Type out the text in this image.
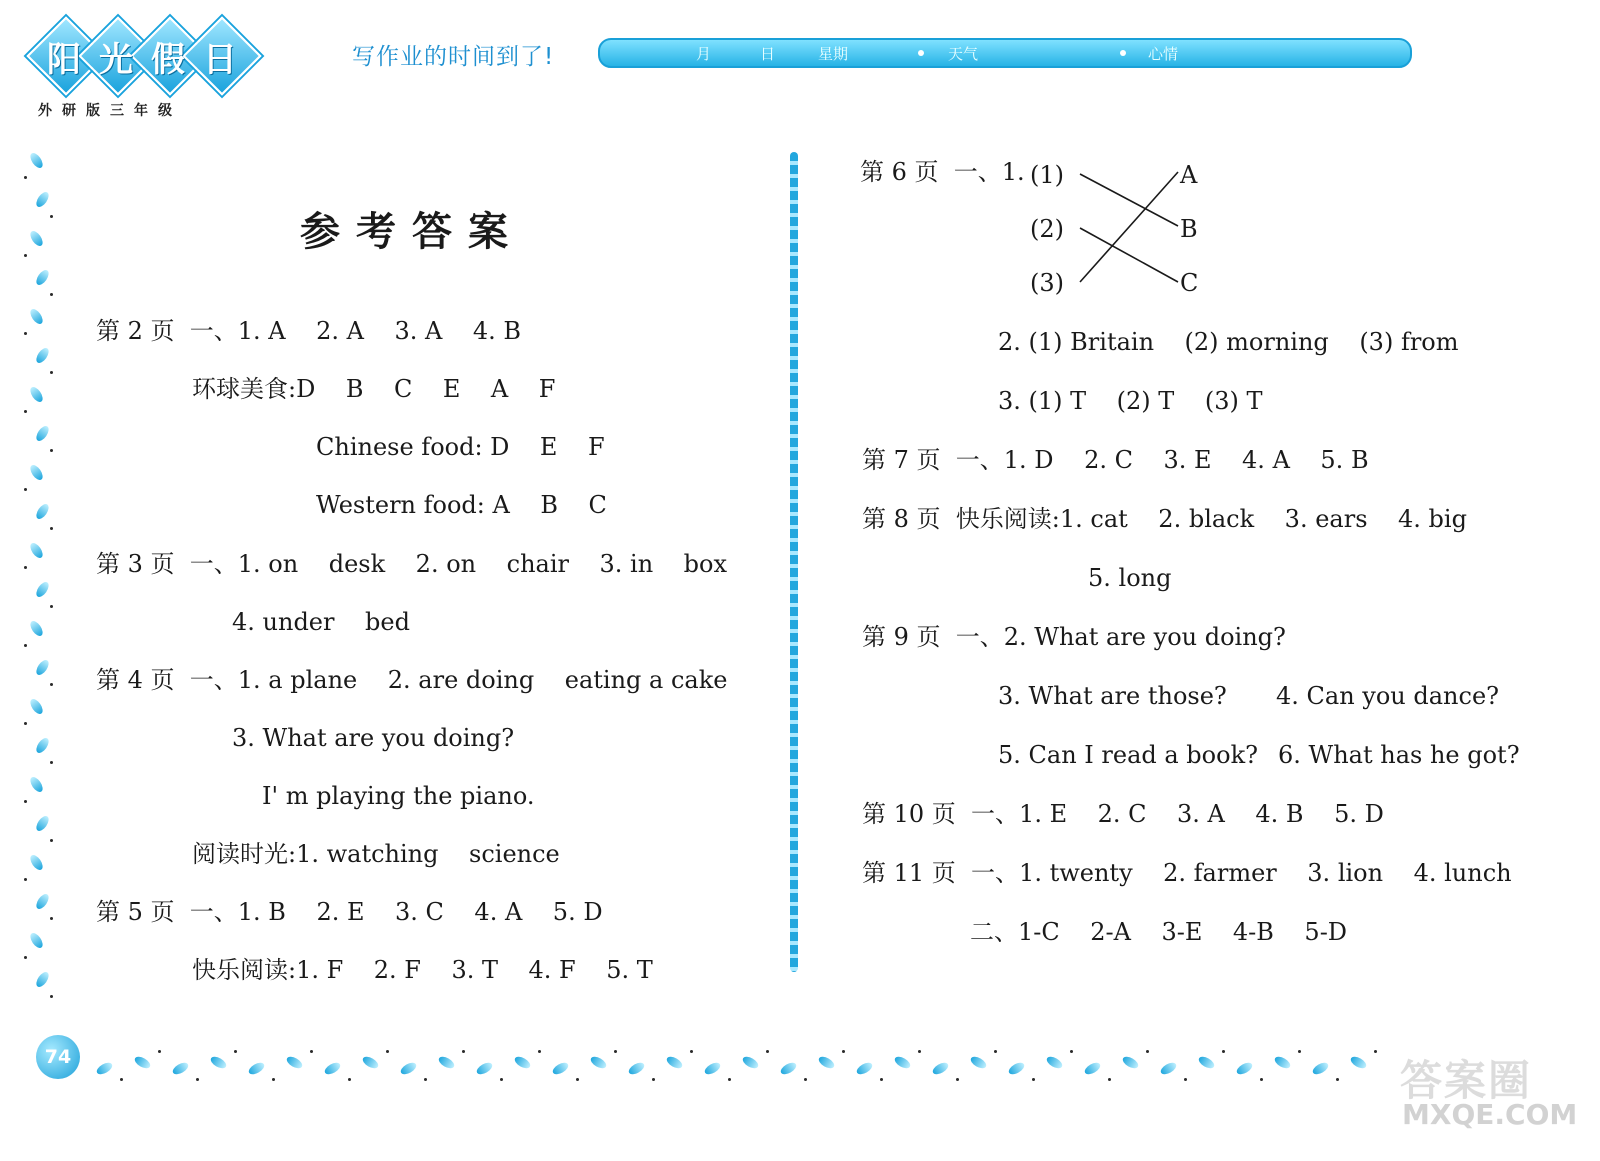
阳 光 假 日
外研版三年级
写作业的时间到了!	月	日	星期	天气	心情
74
参考答案
第 2 页  一、1. A    2. A    3. A    4. B
环球美食:D    B    C    E    A    F
Chinese food: D    E    F
Western food: A    B    C
第 3 页  一、1. on    desk    2. on    chair    3. in    box
4. under    bed
第 4 页  一、1. a plane    2. are doing    eating a cake
3. What are you doing?
I' m playing the piano.
阅读时光:1. watching    science
第 5 页  一、1. B    2. E    3. C    4. A    5. D
快乐阅读:1. F    2. F    3. T    4. F    5. T
第 6 页  一、1. (1)
(2)
(3)
A
B
C
2. (1) Britain    (2) morning    (3) from
3. (1) T    (2) T    (3) T
第 7 页  一、1. D    2. C    3. E    4. A    5. B
第 8 页  快乐阅读:1. cat    2. black    3. ears    4. big
5. long
第 9 页  一、2. What are you doing?
3. What are those? 4. Can you dance?
5. Can I read a book? 6. What has he got?
第 10 页  一、1. E    2. C    3. A    4. B    5. D
第 11 页  一、1. twenty    2. farmer    3. lion    4. lunch
二、1-C    2-A    3-E    4-B    5-D
答案圈
MXQE.COM
